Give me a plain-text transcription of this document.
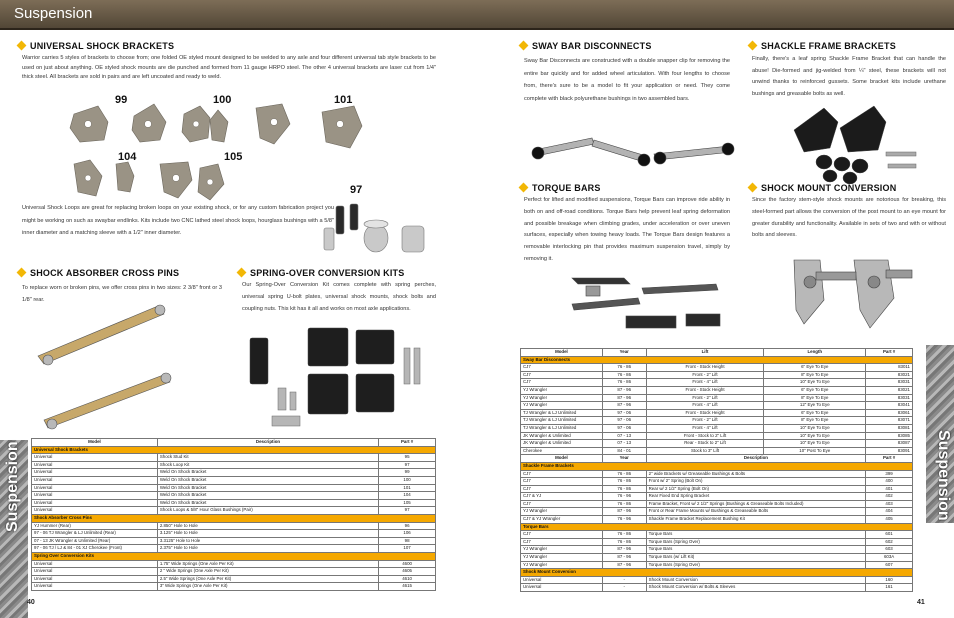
Suspension
Suspension	Suspension
UNIVERSAL SHOCK BRACKETS
Warrior carries 5 styles of brackets to choose from; one folded OE styled mount designed to be welded to any axle and four different universal tab style brackets to be used on just about anything. OE styled shock mounts are die punched and formed from 11 gauge HRPO steel. The other 4 universal brackets are laser cut from 1/4" thick steel. All brackets are sold in pairs and are left uncoated and ready to weld.
99	100	101
104	105
97
Universal Shock Loops are great for replacing broken loops on your existing shock, or for any custom fabrication project you might be working on such as swaybar endlinks. Kits include two CNC lathed steel shock loops, hourglass bushings with a 5/8" inner diameter and a matching sleeve with a 1/2" inner diameter.
SHOCK ABSORBER CROSS PINS
To replace worn or broken pins, we offer cross pins in two sizes: 2 3/8" front or 3 1/8" rear.
SPRING-OVER CONVERSION KITS
Our Spring-Over Conversion Kit comes complete with spring perches, universal spring U-bolt plates, universal shock mounts, shock bolts and coupling nuts. This kit has it all and works on most axle applications.
Model	Description	Part #
Universal Shock Brackets		
Universal	Shock Stud Kit	95
Universal	Shock Loop Kit	97
Universal	Weld On Shock Bracket	99
Universal	Weld On Shock Bracket	100
Universal	Weld On Shock Bracket	101
Universal	Weld On Shock Bracket	104
Universal	Weld On Shock Bracket	105
Universal	Shock Loops & 5/8" Hour Glass Bushings (Pair)	97
Shock Absorber Cross Pins		
YJ Hummer (Rear)	2.850" Hole to Hole	96
97 - 06 TJ Wrangler & LJ Unlimited (Rear)	3.125" Hole to Hole	106
07 - 13 JK Wrangler & Unlimited (Rear)	3.3125" Hole to Hole	98
97 - 06 TJ / LJ & 84 - 01 XJ Cherokee (Front)	2.375" Hole to Hole	107
Spring Over Conversion Kits		
Universal	1.75" Wide Springs (One Axle Per Kit)	4600
Universal	2 " Wide Springs (One Axle Per Kit)	4605
Universal	2.5" Wide Springs (One Axle Per Kit)	4610
Universal	3" Wide Springs (One Axle Per Kit)	4615
SWAY BAR DISCONNECTS
Sway Bar Disconnects are constructed with a double snapper clip for removing the entire bar quickly and for added wheel articulation. With four lengths to choose from, there's sure to be a model to fit your application or need. They come complete with black polyurethane bushings in two assembled bars.
SHACKLE FRAME BRACKETS
Finally, there's a leaf spring Shackle Frame Bracket that can handle the abuse! Die-formed and jig-welded from ¼" steel, these brackets will not unwind thanks to reinforced gussets. Some bracket kits include urethane bushings and greasable bolts as well.
TORQUE BARS
Perfect for lifted and modified suspensions, Torque Bars can improve ride ability in both on and off-road conditions. Torque Bars help prevent leaf spring deformation and possible breakage when climbing grades, under acceleration or over uneven surfaces, especially when towing heavy loads. The Torque Bars design features a removable interlocking pin that provides maximum suspension travel, simply by removing it.
SHOCK MOUNT CONVERSION
Since the factory stem-style shock mounts are notorious for breaking, this steel-formed part allows the conversion of the post mount to an eye mount for greater durability and functionality. Available in sets of two and with or without bolts and sleeves.
Model	Year	Lift	Length	Part #
Sway Bar Disconnects				
CJ7	76 - 86	Front - Stock Height	6" Eye To Eye	83011
CJ7	76 - 86	Front - 2" Lift	8" Eye To Eye	83021
CJ7	76 - 86	Front - 4" Lift	10" Eye To Eye	83031
YJ Wrangler	87 - 96	Front - Stock Height	6" Eye To Eye	83021
YJ Wrangler	87 - 96	Front - 2" Lift	8" Eye To Eye	83031
YJ Wrangler	87 - 96	Front - 4" Lift	12" Eye To Eye	83041
TJ Wrangler & LJ Unlimited	97 - 06	Front - Stock Height	6" Eye To Eye	83061
TJ Wrangler & LJ Unlimited	97 - 06	Front - 2" Lift	8" Eye To Eye	83071
TJ Wrangler & LJ Unlimited	97 - 06	Front - 4" Lift	10" Eye To Eye	83081
JK Wrangler & Unlimited	07 - 13	Front - Stock to 2" Lift	10" Eye To Eye	83085
JK Wrangler & Unlimited	07 - 13	Rear - Stock to 2" Lift	10" Eye To Eye	83087
Cherokee	84 - 01	Stock to 3" Lift	10" Post To Eye	83091
Model	Year	Description		Part #
Shackle Frame Brackets				
CJ7	76 - 86	2" wide Brackets w/ Greaseable Bushings & Bolts		399
CJ7	76 - 86	Front w/ 2" Spring (Bolt On)		400
CJ7	76 - 86	Rear w/ 2 1/2" Spring (Bolt On)		401
CJ7 & YJ	76 - 96	Rear Fixed End Spring Bracket		402
CJ7	76 - 86	Frame Bracket, Front w/ 2 1/2" Springs (Bushings & Greaseable Bolts Included)		403
YJ Wrangler	87 - 96	Front or Rear Frame Mounts w/ Bushings & Greaseable Bolts		404
CJ7 & YJ Wrangler	76 - 96	Shackle Frame Bracket Replacement Bushing Kit		405
Torque Bars				
CJ7	76 - 86	Torque Bars		601
CJ7	76 - 86	Torque Bars (Spring Over)		602
YJ Wrangler	87 - 96	Torque Bars		603
YJ Wrangler	87 - 96	Torque Bars (w/ Lift Kit)		603A
YJ Wrangler	87 - 96	Torque Bars (Spring Over)		607
Shock Mount Conversion				
Universal	-	Shock Mount Conversion		160
Universal	-	Shock Mount Conversion w/ Bolts & Sleeves		161
40	41
